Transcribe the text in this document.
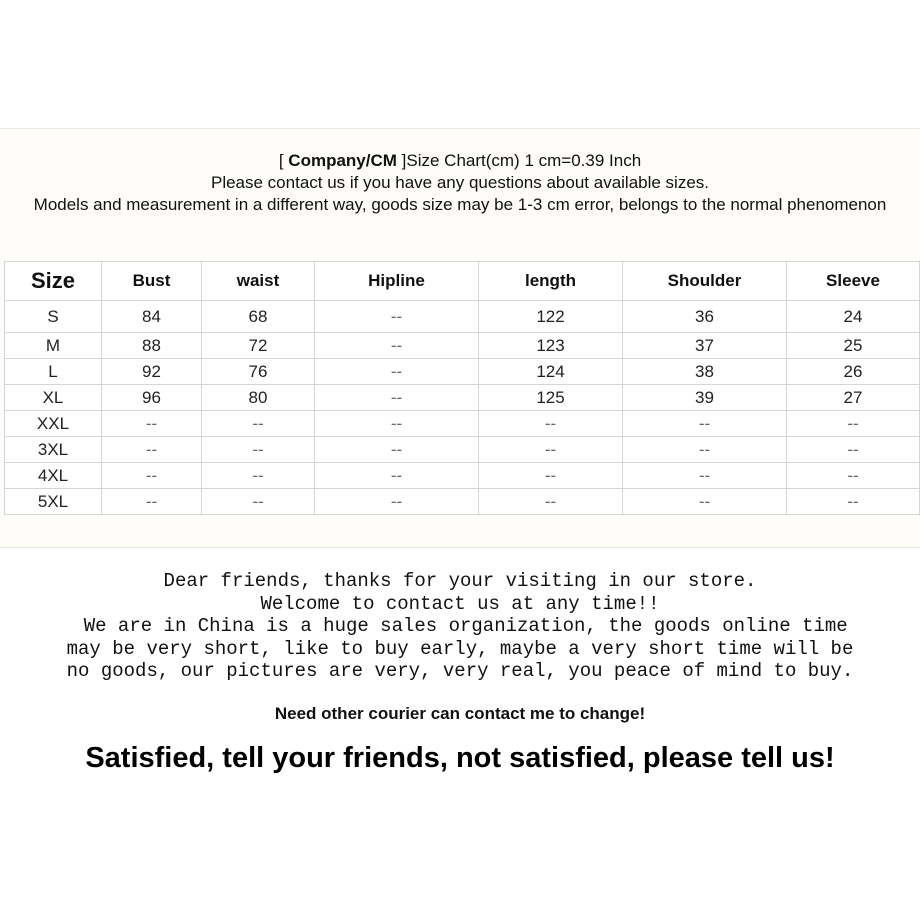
[ Company/CM ]Size Chart(cm) 1 cm=0.39 Inch
Please contact us if you have any questions about available sizes.
Models and measurement in a different way, goods size may be 1-3 cm error, belongs to the normal phenomenon
Size	Bust	waist	Hipline	length	Shoulder	Sleeve
S	84	68	--	122	36	24
M	88	72	--	123	37	25
L	92	76	--	124	38	26
XL	96	80	--	125	39	27
XXL	--	--	--	--	--	--
3XL	--	--	--	--	--	--
4XL	--	--	--	--	--	--
5XL	--	--	--	--	--	--
Dear friends, thanks for your visiting in our store.
Welcome to contact us at any time!!
We are in China is a huge sales organization, the goods online time
may be very short, like to buy early, maybe a very short time will be
no goods, our pictures are very, very real, you peace of mind to buy.
Need other courier can contact me to change!
Satisfied, tell your friends, not satisfied, please tell us!
